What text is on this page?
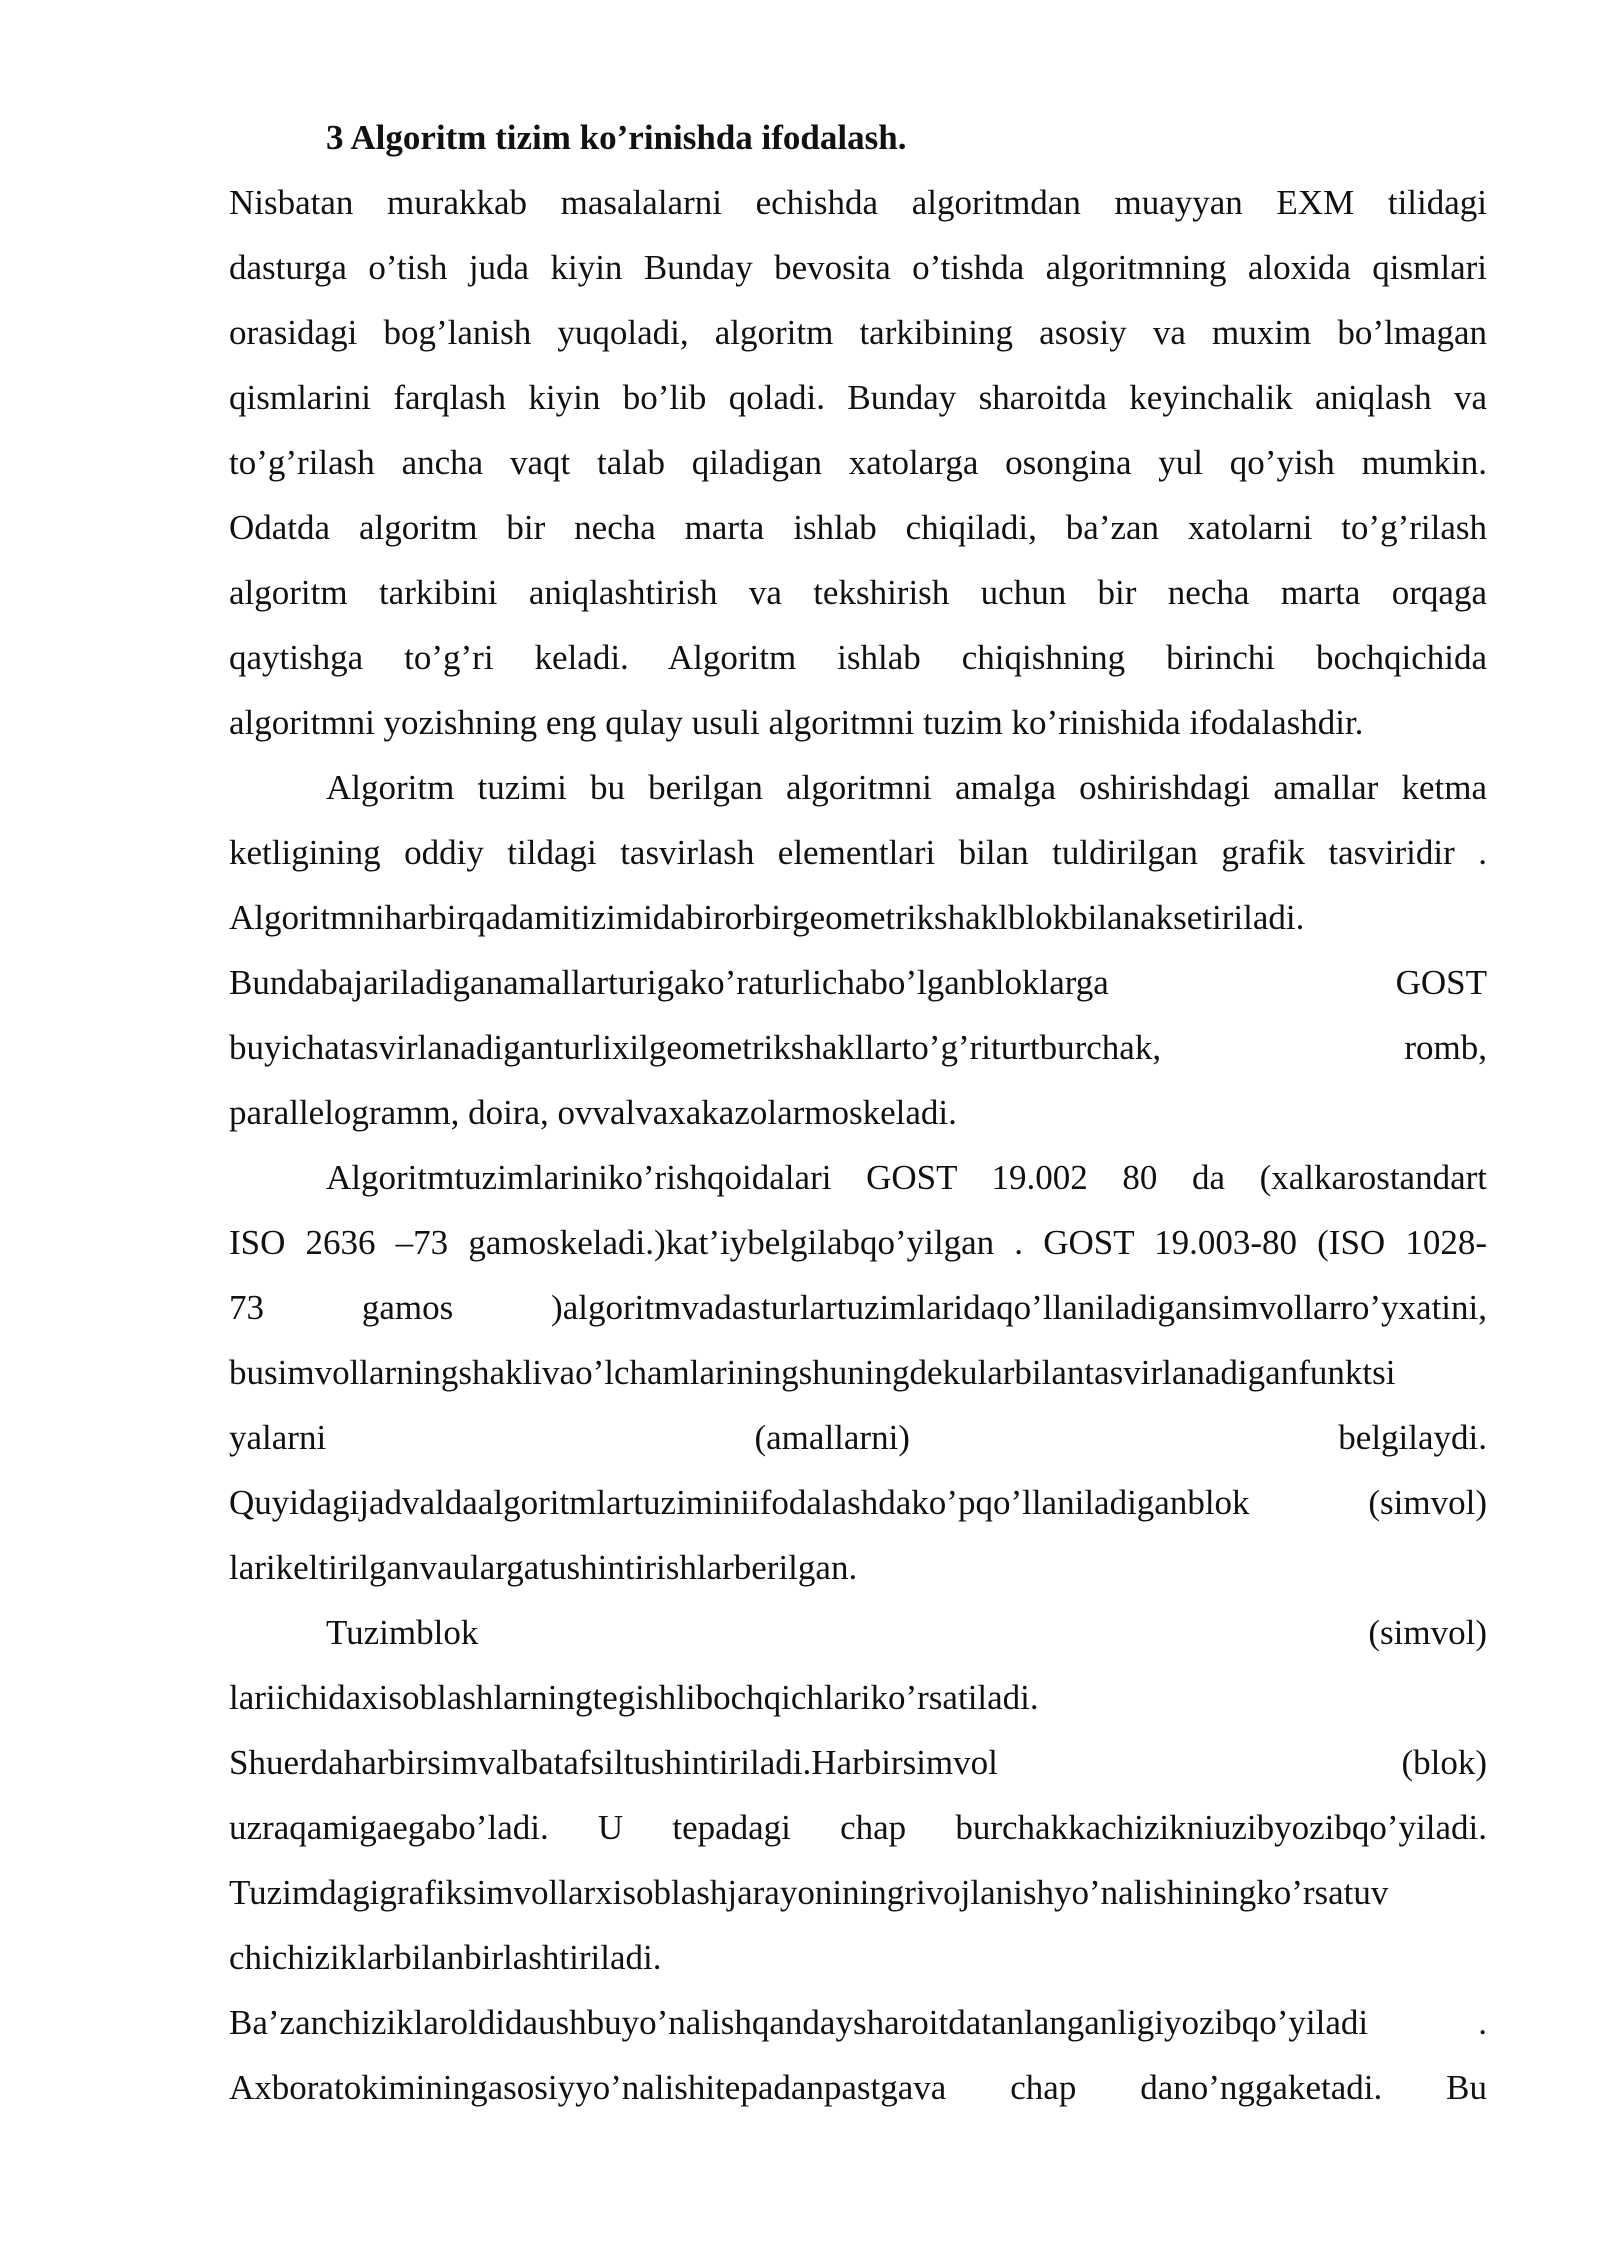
3 Algoritm tizim ko’rinishda ifodalash.
Nisbatan murakkab masalalarni echishda algoritmdan muayyan EXM tilidagi
dasturga o’tish juda kiyin Bunday bevosita o’tishda algoritmning aloxida qismlari
orasidagi bog’lanish yuqoladi, algoritm tarkibining asosiy va muxim bo’lmagan
qismlarini farqlash kiyin bo’lib qoladi. Bunday sharoitda keyinchalik aniqlash va
to’g’rilash ancha vaqt talab qiladigan xatolarga osongina yul qo’yish mumkin.
Odatda algoritm bir necha marta ishlab chiqiladi, ba’zan xatolarni to’g’rilash
algoritm tarkibini aniqlashtirish va tekshirish uchun bir necha marta orqaga
qaytishga to’g’ri keladi. Algoritm ishlab chiqishning birinchi bochqichida
algoritmni yozishning eng qulay usuli algoritmni tuzim ko’rinishida ifodalashdir.
Algoritm tuzimi bu berilgan algoritmni amalga oshirishdagi amallar ketma
ketligining oddiy tildagi tasvirlash elementlari bilan tuldirilgan grafik tasviridir .
Algoritmniharbirqadamitizimidabirorbirgeometrikshaklblokbilanaksetiriladi.
Bundabajariladiganamallarturigako’raturlichabo’lganbloklarga GOST
buyichatasvirlanadiganturlixilgeometrikshakllarto’g’riturtburchak, romb,
parallelogramm, doira, ovvalvaxakazolarmoskeladi.
Algoritmtuzimlariniko’rishqoidalari GOST 19.002 80 da (xalkarostandart
ISO 2636 –73 gamoskeladi.)kat’iybelgilabqo’yilgan . GOST 19.003-80 (ISO 1028-
73 gamos )algoritmvadasturlartuzimlaridaqo’llaniladigansimvollarro’yxatini,
busimvollarningshaklivao’lchamlariningshuningdekularbilantasvirlanadiganfunktsi
yalarni (amallarni) belgilaydi.
Quyidagijadvaldaalgoritmlartuziminiifodalashdako’pqo’llaniladiganblok (simvol)
larikeltirilganvaulargatushintirishlarberilgan.
Tuzimblok (simvol)
lariichidaxisoblashlarningtegishlibochqichlariko’rsatiladi.
Shuerdaharbirsimvalbatafsiltushintiriladi.Harbirsimvol (blok)
uzraqamigaegabo’ladi. U tepadagi chap burchakkachizikniuzibyozibqo’yiladi.
Tuzimdagigrafiksimvollarxisoblashjarayoniningrivojlanishyo’nalishiningko’rsatuv
chichiziklarbilanbirlashtiriladi.
Ba’zanchiziklaroldidaushbuyo’nalishqandaysharoitdatanlanganligiyozibqo’yiladi .
Axboratokiminingasosiyyo’nalishitepadanpastgava chap dano’nggaketadi. Bu
